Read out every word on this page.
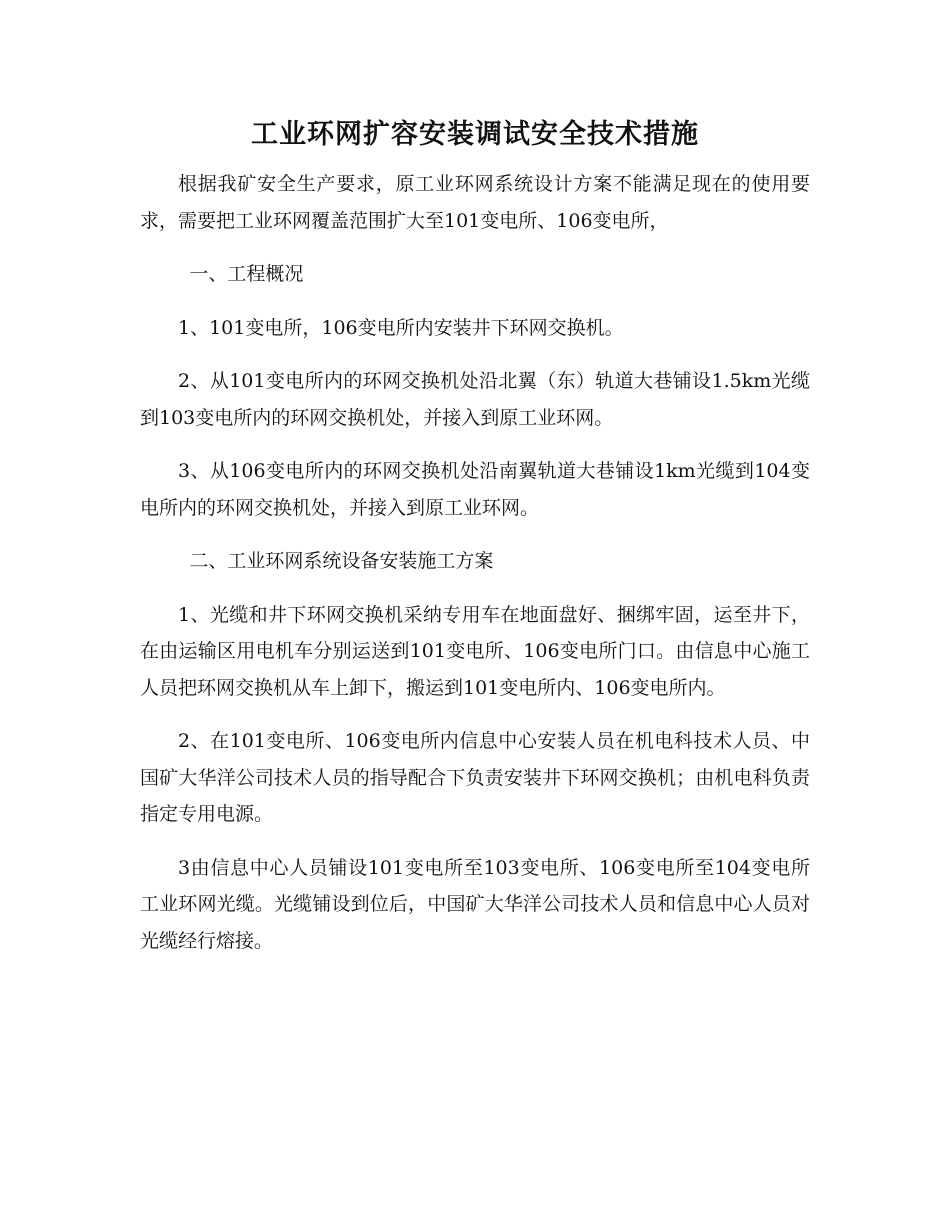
工业环网扩容安装调试安全技术措施

根据我矿安全生产要求，原工业环网系统设计方案不能满足现在的使用要求，需要把工业环网覆盖范围扩大至101变电所、106变电所，

一、工程概况

1、101变电所，106变电所内安装井下环网交换机。

2、从101变电所内的环网交换机处沿北翼（东）轨道大巷铺设1.5km光缆到103变电所内的环网交换机处，并接入到原工业环网。

3、从106变电所内的环网交换机处沿南翼轨道大巷铺设1km光缆到104变电所内的环网交换机处，并接入到原工业环网。

二、工业环网系统设备安装施工方案

1、光缆和井下环网交换机采纳专用车在地面盘好、捆绑牢固，运至井下，在由运输区用电机车分别运送到101变电所、106变电所门口。由信息中心施工人员把环网交换机从车上卸下，搬运到101变电所内、106变电所内。

2、在101变电所、106变电所内信息中心安装人员在机电科技术人员、中国矿大华洋公司技术人员的指导配合下负责安装井下环网交换机；由机电科负责指定专用电源。

3由信息中心人员铺设101变电所至103变电所、106变电所至104变电所工业环网光缆。光缆铺设到位后，中国矿大华洋公司技术人员和信息中心人员对光缆经行熔接。
